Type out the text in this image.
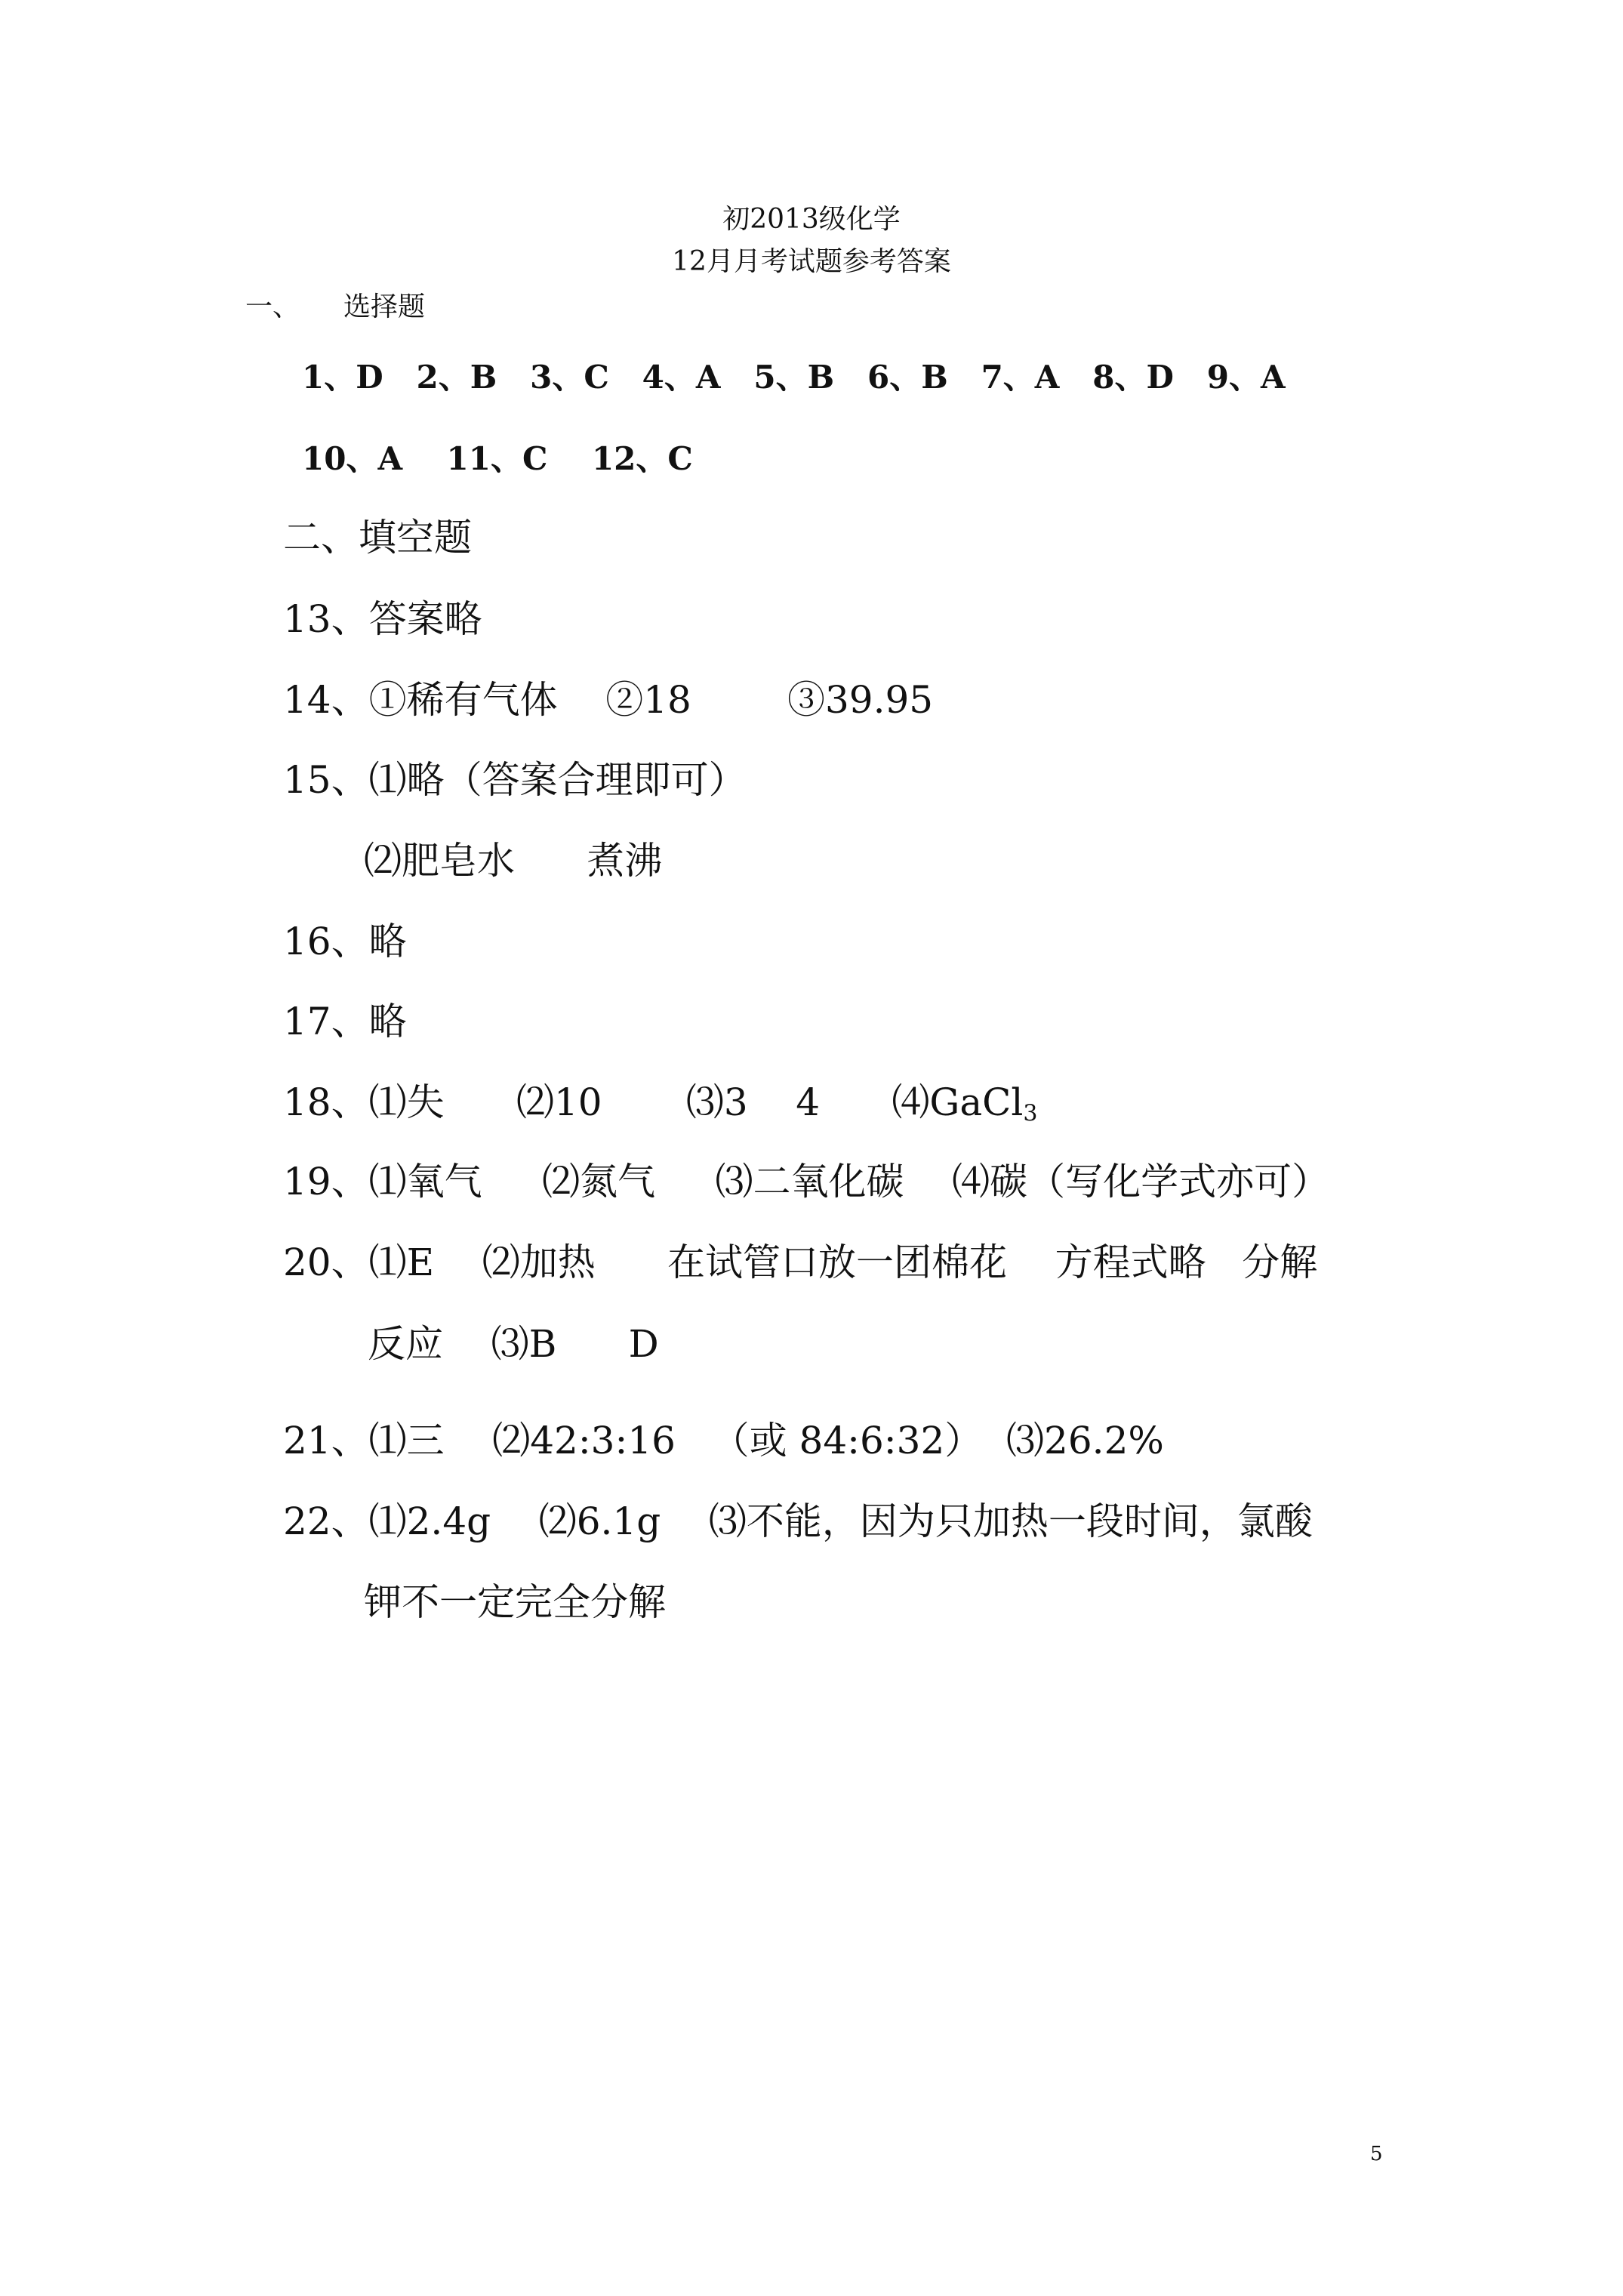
初2013级化学
12月月考试题参考答案
一、 选择题
1、D 2、B 3、C 4、A 5、B 6、B 7、A 8、D 9、A
10、A 11、C 12、C
二、填空题
13、答案略
14、①稀有气体    ②18        ③39.95
15、⑴略（答案合理即可）
⑵肥皂水      煮沸
16、略
17、略
18、⑴失      ⑵10       ⑶3    4      ⑷GaCl$_3$
19、⑴氧气     ⑵氮气     ⑶二氧化碳    ⑷碳（写化学式亦可）
20、⑴E    ⑵加热      在试管口放一团棉花    方程式略   分解
反应    ⑶B      D
21、⑴三    ⑵42:3:16   （或 84:6:32）  ⑶26.2%
22、⑴2.4g    ⑵6.1g    ⑶不能，因为只加热一段时间，氯酸
钾不一定完全分解
5
